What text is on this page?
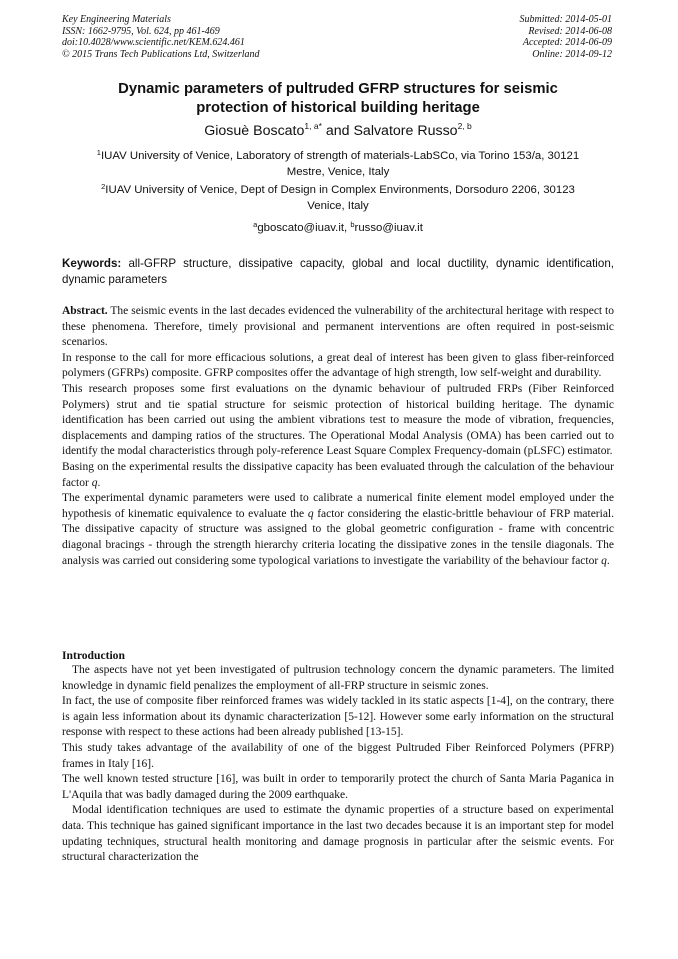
Key Engineering Materials
ISSN: 1662-9795, Vol. 624, pp 461-469
doi:10.4028/www.scientific.net/KEM.624.461
© 2015 Trans Tech Publications Ltd, Switzerland
Submitted: 2014-05-01
Revised: 2014-06-08
Accepted: 2014-06-09
Online: 2014-09-12
Dynamic parameters of pultruded GFRP structures for seismic
protection of historical building heritage
Giosuè Boscato$^{1, a*}$ and Salvatore Russo$^{2, b}$
$^1$IUAV University of Venice, Laboratory of strength of materials-LabSCo, via Torino 153/a, 30121
Mestre, Venice, Italy
$^2$IUAV University of Venice, Dept of Design in Complex Environments, Dorsoduro 2206, 30123
Venice, Italy
$^a$gboscato@iuav.it, $^b$russo@iuav.it
Keywords: all-GFRP structure, dissipative capacity, global and local ductility, dynamic identification, dynamic parameters

Abstract. The seismic events in the last decades evidenced the vulnerability of the architectural heritage with respect to these phenomena. Therefore, timely provisional and permanent interventions are often required in post-seismic scenarios.

In response to the call for more efficacious solutions, a great deal of interest has been given to glass fiber-reinforced polymers (GFRPs) composite. GFRP composites offer the advantage of high strength, low self-weight and durability.

This research proposes some first evaluations on the dynamic behaviour of pultruded FRPs (Fiber Reinforced Polymers) strut and tie spatial structure for seismic protection of historical building heritage. The dynamic identification has been carried out using the ambient vibrations test to measure the mode of vibration, frequencies, displacements and damping ratios of the structures. The Operational Modal Analysis (OMA) has been carried out to identify the modal characteristics through poly-reference Least Square Complex Frequency-domain (pLSFC) estimator.

Basing on the experimental results the dissipative capacity has been evaluated through the calculation of the behaviour factor q.

The experimental dynamic parameters were used to calibrate a numerical finite element model employed under the hypothesis of kinematic equivalence to evaluate the q factor considering the elastic-brittle behaviour of FRP material. The dissipative capacity of structure was assigned to the global geometric configuration - frame with concentric diagonal bracings - through the strength hierarchy criteria locating the dissipative zones in the tensile diagonals. The analysis was carried out considering some typological variations to investigate the variability of the behaviour factor q.

Introduction

The aspects have not yet been investigated of pultrusion technology concern the dynamic parameters. The limited knowledge in dynamic field penalizes the employment of all-FRP structure in seismic zones.

In fact, the use of composite fiber reinforced frames was widely tackled in its static aspects [1-4], on the contrary, there is again less information about its dynamic characterization [5-12]. However some early information on the structural response with respect to these actions had been already published [13-15].

This study takes advantage of the availability of one of the biggest Pultruded Fiber Reinforced Polymers (PFRP) frames in Italy [16].

The well known tested structure [16], was built in order to temporarily protect the church of Santa Maria Paganica in L'Aquila that was badly damaged during the 2009 earthquake.

Modal identification techniques are used to estimate the dynamic properties of a structure based on experimental data. This technique has gained significant importance in the last two decades because it is an important step for model updating techniques, structural health monitoring and damage prognosis in particular after the seismic events. For structural characterization the
